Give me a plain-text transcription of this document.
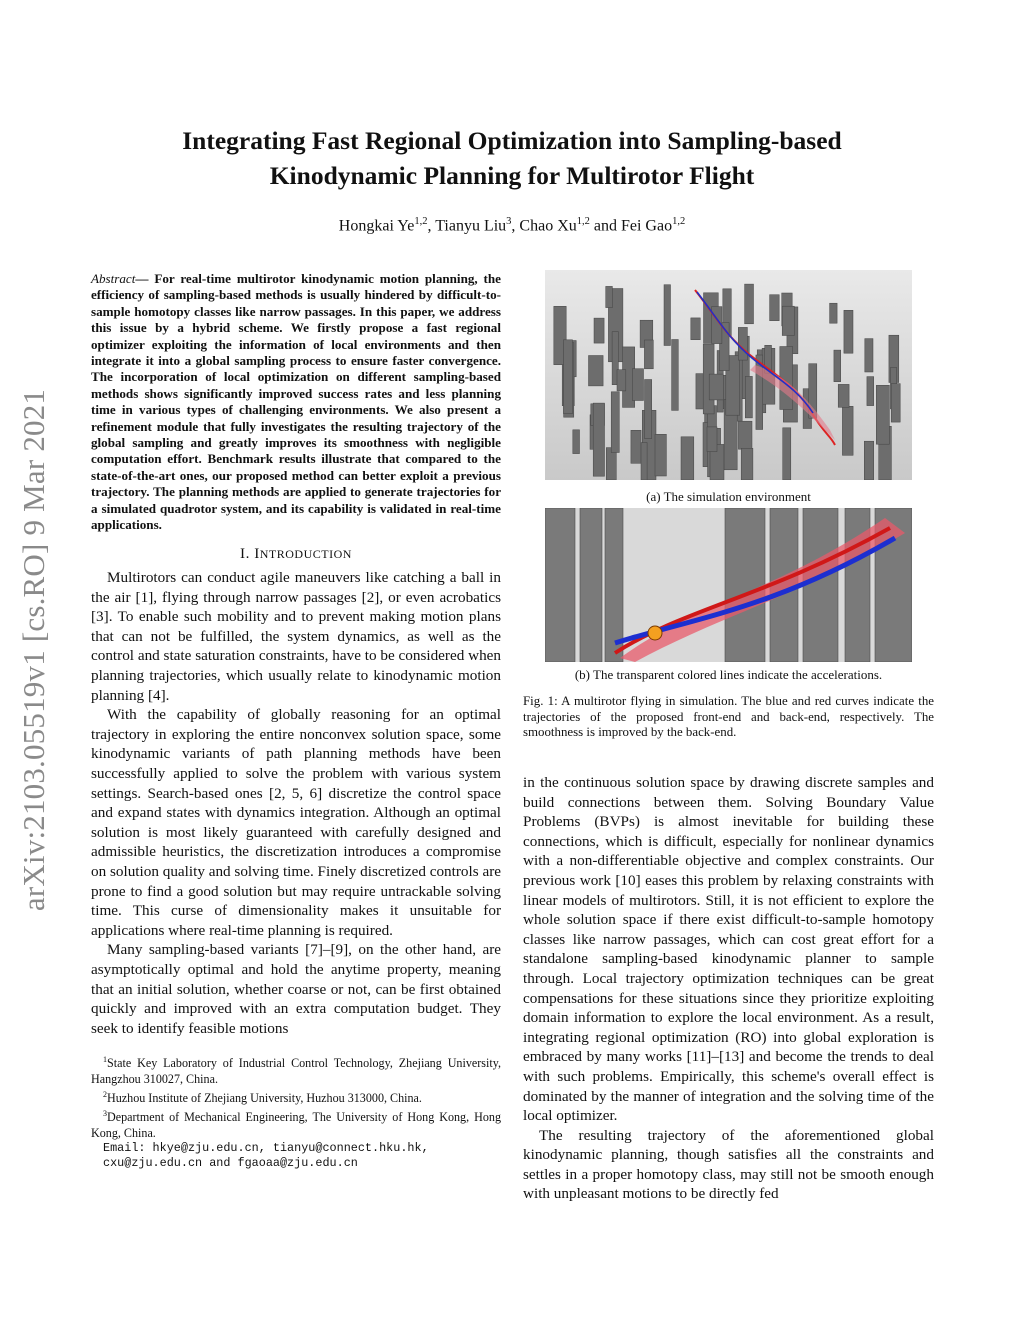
arXiv:2103.05519v1 [cs.RO] 9 Mar 2021
Integrating Fast Regional Optimization into Sampling-based
Kinodynamic Planning for Multirotor Flight
Hongkai Ye$^{1,2}$, Tianyu Liu$^3$, Chao Xu$^{1,2}$ and Fei Gao$^{1,2}$
Abstract— For real-time multirotor kinodynamic motion planning, the efficiency of sampling-based methods is usually hindered by difficult-to-sample homotopy classes like narrow passages. In this paper, we address this issue by a hybrid scheme. We firstly propose a fast regional optimizer exploiting the information of local environments and then integrate it into a global sampling process to ensure faster convergence. The incorporation of local optimization on different sampling-based methods shows significantly improved success rates and less planning time in various types of challenging environments. We also present a refinement module that fully investigates the resulting trajectory of the global sampling and greatly improves its smoothness with negligible computation effort. Benchmark results illustrate that compared to the state-of-the-art ones, our proposed method can better exploit a previous trajectory. The planning methods are applied to generate trajectories for a simulated quadrotor system, and its capability is validated in real-time applications.
I. INTRODUCTION

Multirotors can conduct agile maneuvers like catching a ball in the air [1], flying through narrow passages [2], or even acrobatics [3]. To enable such mobility and to prevent making motion plans that can not be fulfilled, the system dynamics, as well as the control and state saturation constraints, have to be considered when planning trajectories, which usually relate to kinodynamic motion planning [4].

With the capability of globally reasoning for an optimal trajectory in exploring the entire nonconvex solution space, some kinodynamic variants of path planning methods have been successfully applied to solve the problem with various system settings. Search-based ones [2, 5, 6] discretize the control space and expand states with dynamics integration. Although an optimal solution is most likely guaranteed with carefully designed and admissible heuristics, the discretization introduces a compromise on solution quality and solving time. Finely discretized controls are prone to find a good solution but may require untrackable solving time. This curse of dimensionality makes it unsuitable for applications where real-time planning is required.

Many sampling-based variants [7]–[9], on the other hand, are asymptotically optimal and hold the anytime property, meaning that an initial solution, whether coarse or not, can be first obtained quickly and improved with an extra computation budget. They seek to identify feasible motions

$^1$State Key Laboratory of Industrial Control Technology, Zhejiang University, Hangzhou 310027, China.

$^2$Huzhou Institute of Zhejiang University, Huzhou 313000, China.

$^3$Department of Mechanical Engineering, The University of Hong Kong, Hong Kong, China.

Email: hkye@zju.edu.cn, tianyu@connect.hku.hk,

cxu@zju.edu.cn and fgaoaa@zju.edu.cn

(a) The simulation environment
(b) The transparent colored lines indicate the accelerations.
Fig. 1: A multirotor flying in simulation. The blue and red curves indicate the trajectories of the proposed front-end and back-end, respectively. The smoothness is improved by the back-end.

in the continuous solution space by drawing discrete samples and build connections between them. Solving Boundary Value Problems (BVPs) is almost inevitable for building these connections, which is difficult, especially for nonlinear dynamics with a non-differentiable objective and complex constraints. Our previous work [10] eases this problem by relaxing constraints with linear models of multirotors. Still, it is not efficient to explore the whole solution space if there exist difficult-to-sample homotopy classes like narrow passages, which can cost great effort for a standalone sampling-based kinodynamic planner to sample through. Local trajectory optimization techniques can be great compensations for these situations since they prioritize exploiting domain information to explore the local environment. As a result, integrating regional optimization (RO) into global exploration is embraced by many works [11]–[13] and become the trends to deal with such problems. Empirically, this scheme's overall effect is dominated by the manner of integration and the solving time of the local optimizer.

The resulting trajectory of the aforementioned global kinodynamic planning, though satisfies all the constraints and settles in a proper homotopy class, may still not be smooth enough with unpleasant motions to be directly fed
